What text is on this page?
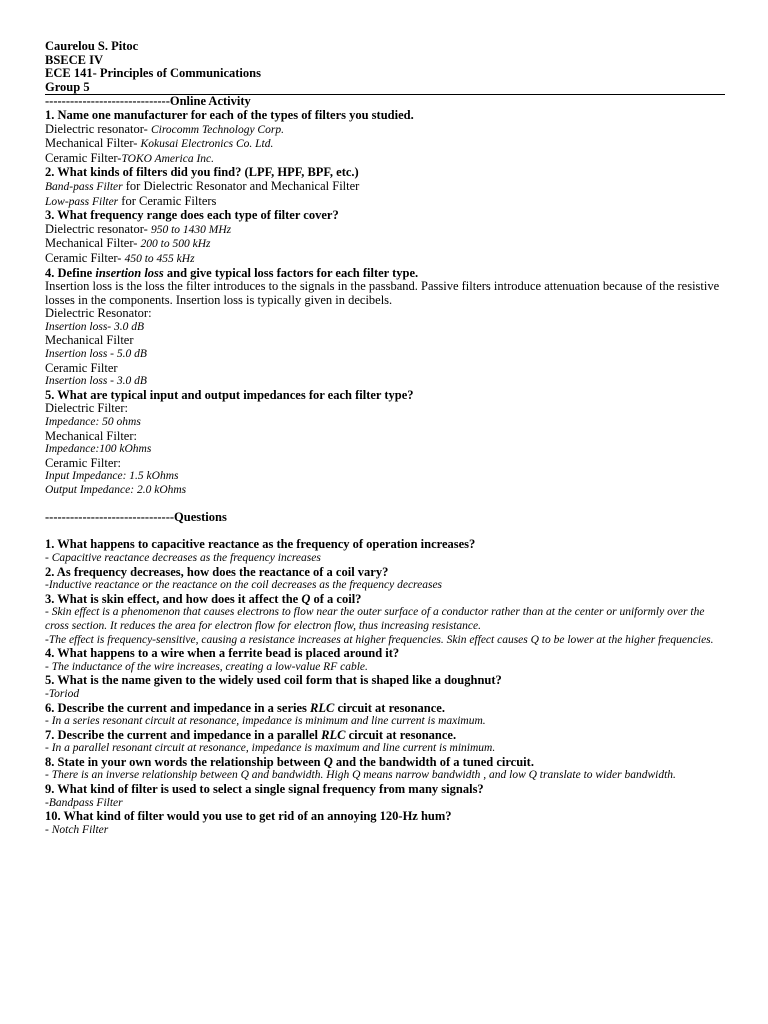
Caurelou S. Pitoc
BSECE IV
ECE 141- Principles of Communications
Group 5
------------------------------Online Activity
1. Name one manufacturer for each of the types of filters you studied.
Dielectric resonator- Cirocomm Technology Corp.
Mechanical Filter- Kokusai Electronics Co. Ltd.
Ceramic Filter-TOKO America Inc.
2. What kinds of filters did you find? (LPF, HPF, BPF, etc.)
Band-pass Filter for Dielectric Resonator and Mechanical Filter
Low-pass Filter for Ceramic Filters
3. What frequency range does each type of filter cover?
Dielectric resonator- 950 to 1430 MHz
Mechanical Filter- 200 to 500 kHz
Ceramic Filter- 450 to 455 kHz
4. Define insertion loss and give typical loss factors for each filter type.
Insertion loss is the loss the filter introduces to the signals in the passband. Passive filters introduce attenuation because of the resistive losses in the components. Insertion loss is typically given in decibels.
Dielectric Resonator:
Insertion loss- 3.0 dB
Mechanical Filter
Insertion loss - 5.0 dB
Ceramic Filter
Insertion loss - 3.0 dB
5. What are typical input and output impedances for each filter type?
Dielectric Filter:
Impedance: 50 ohms
Mechanical Filter:
Impedance:100 kOhms
Ceramic Filter:
Input Impedance: 1.5 kOhms
Output Impedance: 2.0 kOhms
-------------------------------Questions
1. What happens to capacitive reactance as the frequency of operation increases?
- Capacitive reactance decreases as the frequency increases
2. As frequency decreases, how does the reactance of a coil vary?
-Inductive reactance or the reactance on the coil decreases as the frequency decreases
3. What is skin effect, and how does it affect the Q of a coil?
- Skin effect is a phenomenon that causes electrons to flow near the outer surface of a conductor rather than at the center or uniformly over the cross section. It reduces the area for electron flow for electron flow, thus increasing resistance.
-The effect is frequency-sensitive, causing a resistance increases at higher frequencies. Skin effect causes Q to be lower at the higher frequencies.
4. What happens to a wire when a ferrite bead is placed around it?
- The inductance of the wire increases, creating a low-value RF cable.
5. What is the name given to the widely used coil form that is shaped like a doughnut?
-Toriod
6. Describe the current and impedance in a series RLC circuit at resonance.
- In a series resonant circuit at resonance, impedance is minimum and line current is maximum.
7. Describe the current and impedance in a parallel RLC circuit at resonance.
- In a parallel resonant circuit at resonance, impedance is maximum and line current is minimum.
8. State in your own words the relationship between Q and the bandwidth of a tuned circuit.
- There is an inverse relationship between Q and bandwidth. High Q means narrow bandwidth , and low Q translate to wider bandwidth.
9. What kind of filter is used to select a single signal frequency from many signals?
-Bandpass Filter
10. What kind of filter would you use to get rid of an annoying 120-Hz hum?
- Notch Filter
